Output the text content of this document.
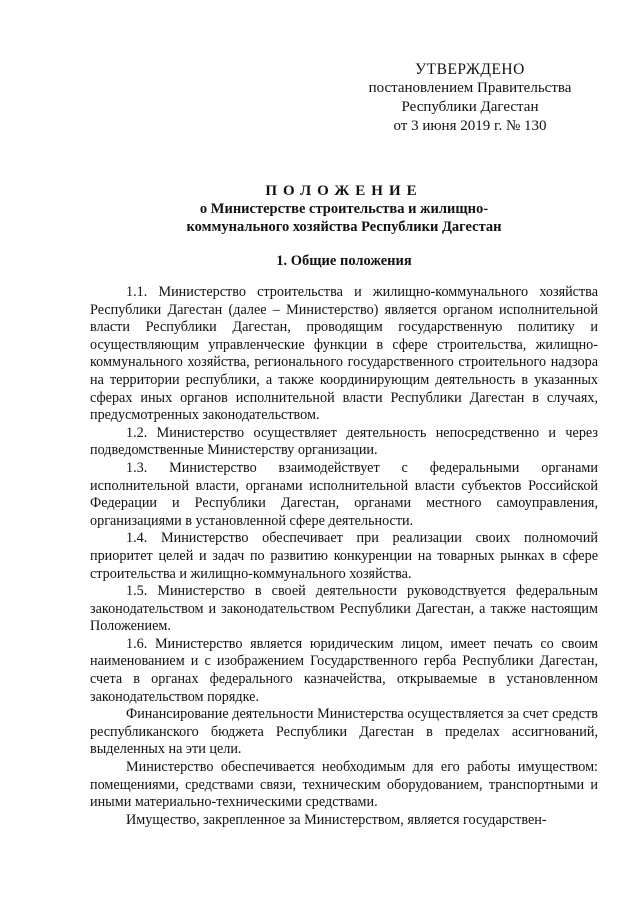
УТВЕРЖДЕНО
постановлением Правительства
Республики Дагестан
от 3 июня 2019 г. № 130
ПОЛОЖЕНИЕ
о Министерстве строительства и жилищно-
коммунального хозяйства Республики Дагестан
1. Общие положения

1.1. Министерство строительства и жилищно-коммунального хозяйства Республики Дагестан (далее – Министерство) является органом исполнительной власти Республики Дагестан, проводящим государственную политику и осуществляющим управленческие функции в сфере строительства, жилищно-коммунального хозяйства, регионального государственного строительного надзора на территории республики, а также координирующим деятельность в указанных сферах иных органов исполнительной власти Республики Дагестан в случаях, предусмотренных законодательством.

1.2. Министерство осуществляет деятельность непосредственно и через подведомственные Министерству организации.

1.3. Министерство взаимодействует с федеральными органами исполнительной власти, органами исполнительной власти субъектов Российской Федерации и Республики Дагестан, органами местного самоуправления, организациями в установленной сфере деятельности.

1.4. Министерство обеспечивает при реализации своих полномочий приоритет целей и задач по развитию конкуренции на товарных рынках в сфере строительства и жилищно-коммунального хозяйства.

1.5. Министерство в своей деятельности руководствуется федеральным законодательством и законодательством Республики Дагестан, а также настоящим Положением.

1.6. Министерство является юридическим лицом, имеет печать со своим наименованием и с изображением Государственного герба Республики Дагестан, счета в органах федерального казначейства, открываемые в установленном законодательством порядке.

Финансирование деятельности Министерства осуществляется за счет средств республиканского бюджета Республики Дагестан в пределах ассигнований, выделенных на эти цели.

Министерство обеспечивается необходимым для его работы имуществом: помещениями, средствами связи, техническим оборудованием, транспортными и иными материально-техническими средствами.

Имущество, закрепленное за Министерством, является государствен-
